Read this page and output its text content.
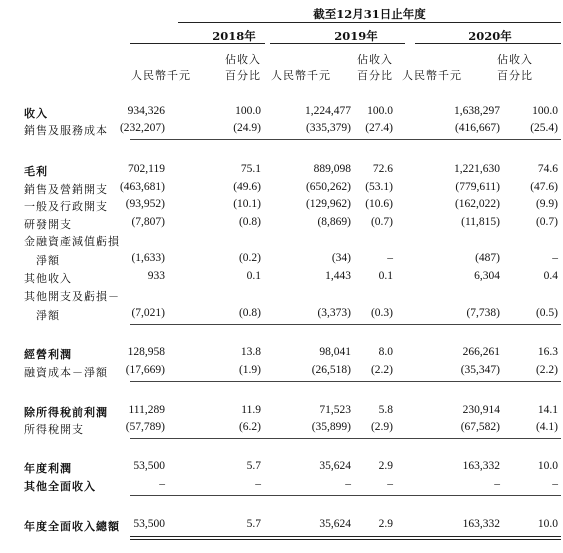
截至12月31日止年度
2018年	2019年	2020年
佔收入	佔收入	佔收入
人民幣千元	百分比 人民幣千元 百分比 人民幣千元	百分比
收入	934,326	100.0	1,224,477 100.0	1,638,297	100.0
銷售及服務成本 (232,207)	(24.9)	(335,379) (27.4)	(416,667)	(25.4)
毛利	702,119	75.1	889,098 72.6	1,221,630	74.6
銷售及營銷開支 (463,681)	(49.6)	(650,262) (53.1)	(779,611)	(47.6)
一般及行政開支 (93,952)	(10.1)	(129,962) (10.6)	(162,022)	(9.9)
研發開支	(7,807)	(0.8)	(8,869) (0.7)	(11,815)	(0.7)
金融資產減值虧損
淨額	(1,633)	(0.2)	(34)	–	(487)	–
其他收入	933	0.1	1,443 0.1	6,304	0.4
其他開支及虧損－
淨額	(7,021)	(0.8)	(3,373) (0.3)	(7,738)	(0.5)
經營利潤	128,958	13.8	98,041 8.0	266,261	16.3
融資成本－淨額 (17,669)	(1.9)	(26,518) (2.2)	(35,347)	(2.2)
除所得稅前利潤 111,289	11.9	71,523 5.8	230,914	14.1
所得稅開支	(57,789)	(6.2)	(35,899) (2.9)	(67,582)	(4.1)
年度利潤	53,500	5.7	35,624 2.9	163,332	10.0
其他全面收入	–	–	–	–	–	–
年度全面收入總額 53,500	5.7	35,624 2.9	163,332	10.0
